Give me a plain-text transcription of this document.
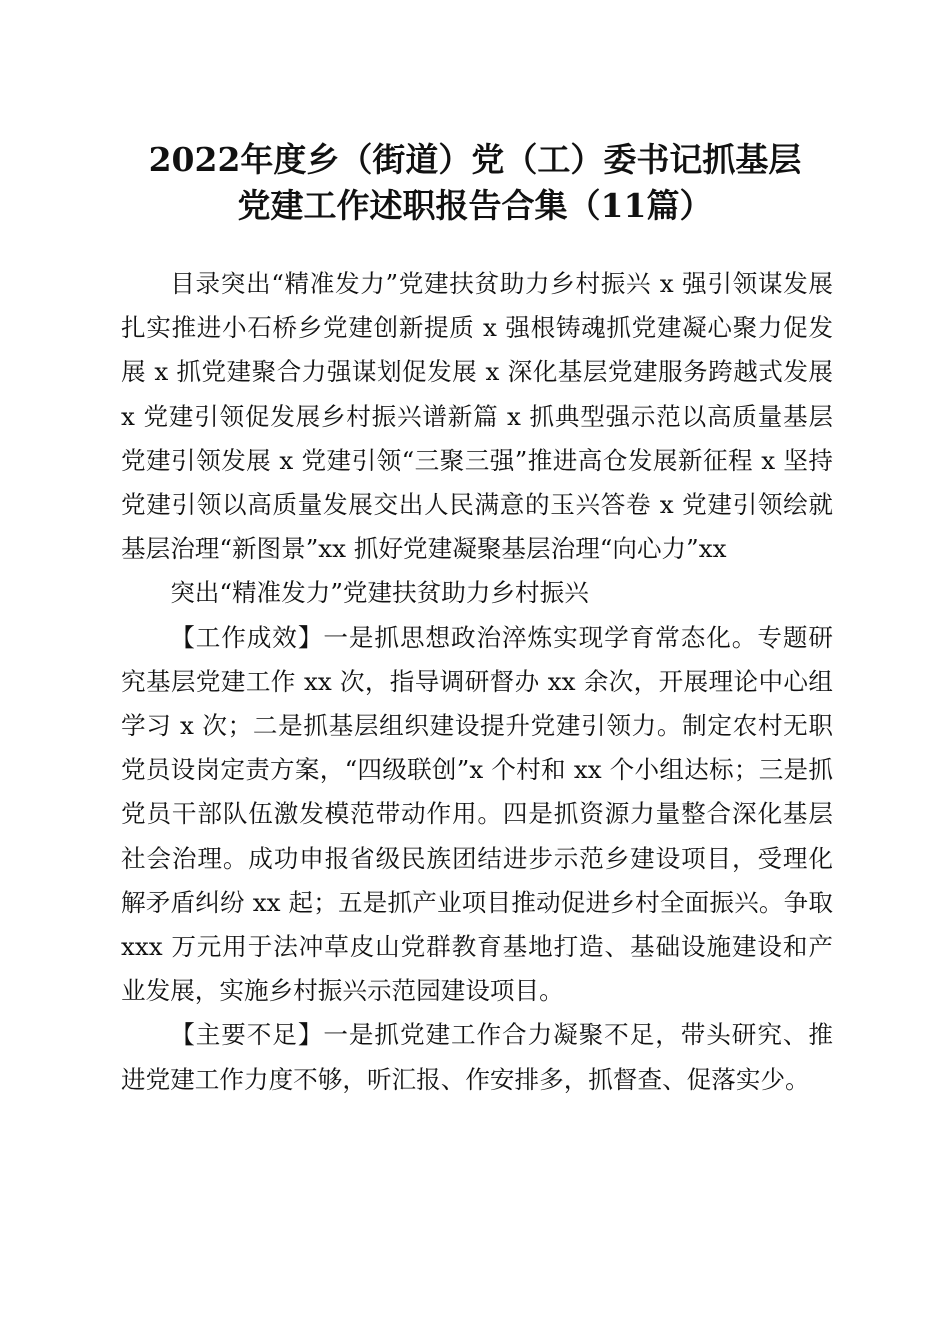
2022年度乡（街道）党（工）委书记抓基层
党建工作述职报告合集（11篇）

目录突出“精准发力”党建扶贫助力乡村振兴 x 强引领谋发展扎实推进小石桥乡党建创新提质 x 强根铸魂抓党建凝心聚力促发展 x 抓党建聚合力强谋划促发展 x 深化基层党建服务跨越式发展 x 党建引领促发展乡村振兴谱新篇 x 抓典型强示范以高质量基层党建引领发展 x 党建引领“三聚三强”推进高仓发展新征程 x 坚持党建引领以高质量发展交出人民满意的玉兴答卷 x 党建引领绘就基层治理“新图景”xx 抓好党建凝聚基层治理“向心力”xx

突出“精准发力”党建扶贫助力乡村振兴

【工作成效】一是抓思想政治淬炼实现学育常态化。专题研究基层党建工作 xx 次，指导调研督办 xx 余次，开展理论中心组学习 x 次；二是抓基层组织建设提升党建引领力。制定农村无职党员设岗定责方案，“四级联创”x 个村和 xx 个小组达标；三是抓党员干部队伍激发模范带动作用。四是抓资源力量整合深化基层社会治理。成功申报省级民族团结进步示范乡建设项目，受理化解矛盾纠纷 xx 起；五是抓产业项目推动促进乡村全面振兴。争取 xxx 万元用于法冲草皮山党群教育基地打造、基础设施建设和产业发展，实施乡村振兴示范园建设项目。

【主要不足】一是抓党建工作合力凝聚不足，带头研究、推进党建工作力度不够，听汇报、作安排多，抓督查、促落实少。
